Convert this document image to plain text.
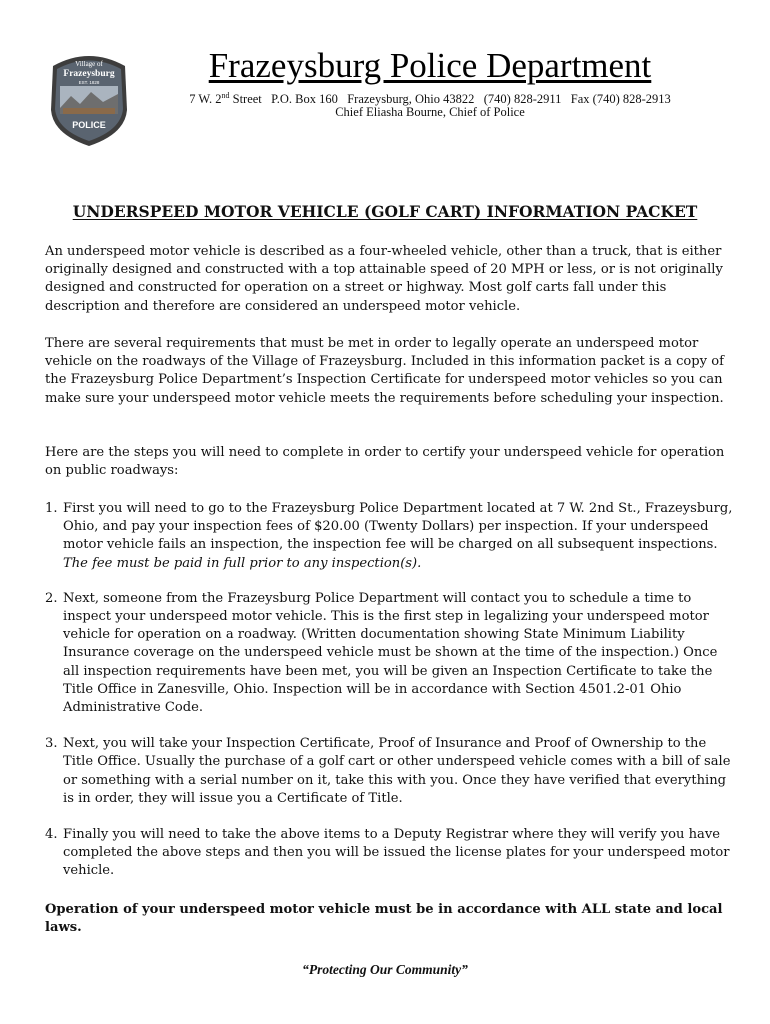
Village of
Frazeysburg
EST. 1828
POLICE
Frazeysburg Police Department
7 W. 2nd Street   P.O. Box 160   Frazeysburg, Ohio 43822   (740) 828-2911   Fax (740) 828-2913
Chief Eliasha Bourne, Chief of Police
UNDERSPEED MOTOR VEHICLE (GOLF CART) INFORMATION PACKET

An underspeed motor vehicle is described as a four-wheeled vehicle, other than a truck, that is either originally designed and constructed with a top attainable speed of 20 MPH or less, or is not originally designed and constructed for operation on a street or highway. Most golf carts fall under this description and therefore are considered an underspeed motor vehicle.

There are several requirements that must be met in order to legally operate an underspeed motor vehicle on the roadways of the Village of Frazeysburg. Included in this information packet is a copy of the Frazeysburg Police Department’s Inspection Certificate for underspeed motor vehicles so you can make sure your underspeed motor vehicle meets the requirements before scheduling your inspection.

Here are the steps you will need to complete in order to certify your underspeed vehicle for operation on public roadways:

1. First you will need to go to the Frazeysburg Police Department located at 7 W. 2nd St., Frazeysburg, Ohio, and pay your inspection fees of $20.00 (Twenty Dollars) per inspection. If your underspeed motor vehicle fails an inspection, the inspection fee will be charged on all subsequent inspections. The fee must be paid in full prior to any inspection(s).
2. Next, someone from the Frazeysburg Police Department will contact you to schedule a time to inspect your underspeed motor vehicle. This is the first step in legalizing your underspeed motor vehicle for operation on a roadway. (Written documentation showing State Minimum Liability Insurance coverage on the underspeed vehicle must be shown at the time of the inspection.) Once all inspection requirements have been met, you will be given an Inspection Certificate to take the Title Office in Zanesville, Ohio. Inspection will be in accordance with Section 4501.2-01 Ohio Administrative Code.
3. Next, you will take your Inspection Certificate, Proof of Insurance and Proof of Ownership to the Title Office. Usually the purchase of a golf cart or other underspeed vehicle comes with a bill of sale or something with a serial number on it, take this with you. Once they have verified that everything is in order, they will issue you a Certificate of Title.
4. Finally you will need to take the above items to a Deputy Registrar where they will verify you have completed the above steps and then you will be issued the license plates for your underspeed motor vehicle.

Operation of your underspeed motor vehicle must be in accordance with ALL state and local laws.

“Protecting Our Community”
